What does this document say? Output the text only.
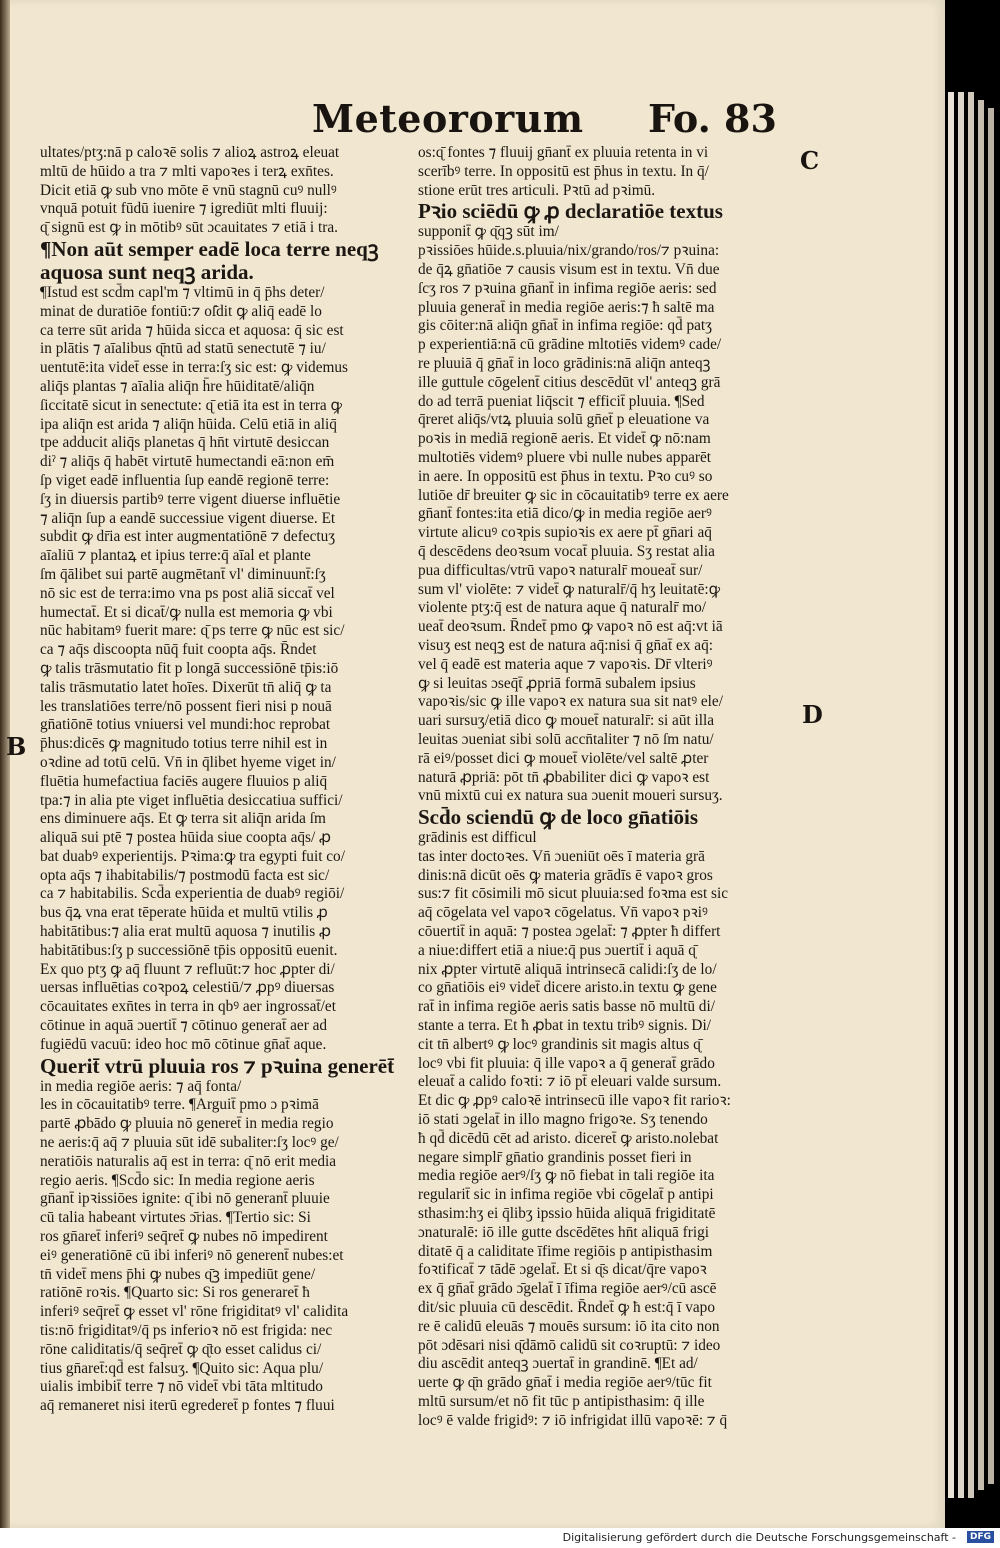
Meteororum Fo. 83
C
D
B

ultates/ptʒ:nā p caloꝛē solis ⁊ alioꝝ astroꝝ eleuat

mltū de hūido a tra ⁊ mlti vapoꝛes i terꝝ exn̄tes.

Dicit etiā ꝙ sub vno mōte ē vnū stagnū cuꝰ nullꝰ

vnquā potuit fūdū iuenire ⁊ igrediūt mlti fluuij:

ɋ̄ signū est ꝙ in mōtibꝰ sūt ɔcauitates ⁊ etiā i tra.

¶Non aūt semper eadē loca terre neqꝫ

aquosa sunt neqꝫ arida.

¶Istud est scd̄m capl'm ⁊ vltimū in q̄ p̄hs deter/

minat de duratiōe fontiū:⁊ oſ̄dit ꝙ aliq̄ eadē lo

ca terre sūt arida ⁊ hūida sicca et aquosa: q̄ sic est

in plātis ⁊ aīalibus ɋ̄ntū ad statū senectutē ⁊ iu/

uentutē:ita videt̄ esse in terra:ſʒ sic est: ꝙ videmus

aliq̄s plantas ⁊ aīalia aliq̄n h̄re hūiditatē/aliq̄n

ſiccitatē sicut in senectute: ɋ̄ etiā ita est in terra ꝙ

ipa aliq̄n est arida ⁊ aliq̄n hūida. Celū etiā in aliq̄

tpe adducit aliq̄s planetas q̄ hn̄t virtutē desiccan

diˀ ⁊ aliq̄s q̄ habēt virtutē humectandi eā:non em̄

ſp viget eadē influentia ſup eandē regionē terre:

ſʒ in diuersis partibꝰ terre vigent diuerse influētie

⁊ aliq̄n ſup a eandē successiue vigent diuerse. Et

subdit ꝙ dr̄ia est inter augmentatiōnē ⁊ defectuʒ

aīaliū ⁊ plantaꝝ et ipius terre:q̄ aīal et plante

ſm q̄ālibet sui partē augmētant̄ vl' diminuunt̄:ſʒ

nō sic est de terra:imo vna ps post aliā siccat̄ vel

humectat̄. Et si dicat̄/ꝙ nulla est memoria ꝙ vbi

nūc habitamꝰ fuerit mare: ɋ̄ ps terre ꝙ nūc est sic/

ca ⁊ aq̄s discoopta nūq̄ fuit coopta aq̄s. R̄ndet

ꝙ talis trāsmutatio fit p longā successiōnē tp̄is:iō

talis trāsmutatio latet hoīes. Dixerūt tn̄ aliq̄ ꝙ ta

les translatiōes terre/nō possent fieri nisi p nouā

gn̄atiōnē totius vniuersi vel mundi:hoc reprobat

p̄hus:dicēs ꝙ magnitudo totius terre nihil est in

oꝛdine ad totū celū. Vn̄ in q̄libet hyeme viget in/

fluētia humefactiua faciēs augere fluuios p aliq̄

tpa:⁊ in alia pte viget influētia desiccatiua suffici/

ens diminuere aq̄s. Et ꝙ terra sit aliq̄n arida ſm

aliquā sui ptē ⁊ postea hūida siue coopta aq̄s/ ꝓ

bat duabꝰ experientijs. Pꝛima:ꝙ tra egypti fuit co/

opta aq̄s ⁊ ihabitabilis/⁊ postmodū facta est sic/

ca ⁊ habitabilis. Scd̄a experientia de duabꝰ regiōi/

bus q̄ꝝ vna erat tēperate hūida et multū vtilis ꝓ

habitātibus:⁊ alia erat multū aquosa ⁊ inutilis ꝓ

habitātibus:ſʒ p successiōnē tp̄is oppositū euenit.

Ex quo ptʒ ꝙ aq̄ fluunt ⁊ refluūt:⁊ hoc ꝓpter di/

uersas influētias coꝛpoꝝ celestiū/⁊ ꝓpꝰ diuersas

cōcauitates exn̄tes in terra in qbꝰ aer ingrossat̄/et

cōtinue in aquā ɔuertit̄ ⁊ cōtinuo generat̄ aer ad

fugiēdū vacuū: ideo hoc mō cōtinue gn̄at̄ aque.

Querit̄ vtrū pluuia ros ⁊ pꝛuina generēt̄

in media regiōe aeris: ⁊ aq̄ fonta/

les in cōcauitatibꝰ terre. ¶Arguit̄ pmo ɔ pꝛimā

partē ꝓbādo ꝙ pluuia nō generet̄ in media regio

ne aeris:q̄ aq̄ ⁊ pluuia sūt idē subaliter:ſʒ locꝰ ge/

neratiōis naturalis aq̄ est in terra: ɋ̄ nō erit media

regio aeris. ¶Scd̄o sic: In media regione aeris

gn̄ant̄ ipꝛissiōes ignite: ɋ̄ ibi nō generant̄ pluuie

cū talia habeant virtutes ɔ̄rias. ¶Tertio sic: Si

ros gn̄aret̄ inferiꝰ seq̄ret̄ ꝙ nubes nō impedirent

eiꝰ generatiōnē cū ibi inferiꝰ nō generent̄ nubes:et

tn̄ videt̄ mens p̄hi ꝙ nubes ɋ̄ꝫ impediūt gene/

ratiōnē roꝛis. ¶Quarto sic: Si ros generaret̄ ħ

inferiꝰ seq̄ret̄ ꝙ esset vl' rōne frigiditatꝰ vl' calidita

tis:nō frigiditatꝰ/q̄ ps inferioꝛ nō est frigida: nec

rōne caliditatis/q̄ seq̄ret̄ ꝙ ɋ̄to esset calidus ci/

tius gn̄aret̄:qd̄ est falsuʒ. ¶Quito sic: Aqua plu/

uialis imbibit̄ terre ⁊ nō videt̄ vbi tāta mltitudo

aq̄ remaneret nisi iterū egrederet̄ p fontes ⁊ fluui

os:ɋ̄ fontes ⁊ fluuij gn̄ant̄ ex pluuia retenta in vi

scerībꝰ terre. In oppositū est p̄hus in textu. In q̄/

stione erūt tres articuli. Pꝛtū ad pꝛimū.

Pꝛio sciēdū ꝙ ꝓ declaratiōe textus

supponit̄ ꝙ ɋ̄qꝫ sūt im/

pꝛissiōes hūide.s.pluuia/nix/grando/ros/⁊ pꝛuina:

de q̄ꝝ gn̄atiōe ⁊ causis visum est in textu. Vn̄ due

ſcʒ ros ⁊ pꝛuina gn̄ant̄ in infima regiōe aeris: sed

pluuia generat̄ in media regiōe aeris:⁊ ħ saltē ma

gis cōiter:nā aliq̄n gn̄at̄ in infima regiōe: qd̄ patʒ

p experientiā:nā cū grādine mltotiēs videmꝰ cade/

re pluuiā q̄ gn̄at̄ in loco grādinis:nā aliq̄n anteqꝫ

ille guttule cōgelent̄ citius descēdūt vl' anteqꝫ grā

do ad terrā pueniat liq̄scit ⁊ efficit̄ pluuia. ¶Sed

q̄reret aliq̄s/vtꝝ pluuia solū gn̄et̄ p eleuatione va

poꝛis in mediā regionē aeris. Et videt̄ ꝙ nō:nam

multotiēs videmꝰ pluere vbi nulle nubes apparēt

in aere. In oppositū est p̄hus in textu. Pꝛo cuꝰ so

lutiōe dr̄ breuiter ꝙ sic in cōcauitatibꝰ terre ex aere

gn̄ant̄ fontes:ita etiā dico/ꝙ in media regiōe aerꝰ

virtute alicuꝰ coꝛpis supioꝛis ex aere pt̄ gn̄ari aq̄

q̄ descēdens deoꝛsum vocat̄ pluuia. Sʒ restat alia

pua difficultas/vtrū vapoꝛ naturalr̄ moueat̄ sur/

sum vl' violēte: ⁊ videt̄ ꝙ naturalr̄/q̄ hʒ leuitatē:ꝙ

violente ptʒ:q̄ est de natura aque q̄ naturalr̄ mo/

ueat̄ deoꝛsum. R̄ndet̄ pmo ꝙ vapoꝛ nō est aq̄:vt iā

visuʒ est neqꝫ est de natura aq̄:nisi q̄ gn̄at̄ ex aq̄:

vel q̄ eadē est materia aque ⁊ vapoꝛis. Dr̄ vlteriꝰ

ꝙ si leuitas ɔseq̄t̄ ꝓpriā formā subalem ipsius

vapoꝛis/sic ꝙ ille vapoꝛ ex natura sua sit natꝰ ele/

uari sursuʒ/etiā dico ꝙ mouet̄ naturalr̄: si aūt illa

leuitas ɔueniat sibi solū accn̄taliter ⁊ nō ſm natu/

rā eiꝰ/posset dici ꝙ mouet̄ violēte/vel saltē ꝓter

naturā ꝓpriā: pōt tn̄ ꝓbabiliter dici ꝙ vapoꝛ est

vnū mixtū cui ex natura sua ɔuenit moueri sursuʒ.

Scd̄o sciendū ꝙ de loco gn̄atiōis

grādinis est difficul

tas inter doctoꝛes. Vn̄ ɔueniūt oēs ī materia grā

dinis:nā dicūt oēs ꝙ materia grādīs ē vapoꝛ gros

sus:⁊ fit cōsimili mō sicut pluuia:sed foꝛma est sic

aq̄ cōgelata vel vapoꝛ cōgelatus. Vn̄ vapoꝛ pꝛiꝰ

cōuertit̄ in aquā: ⁊ postea ɔgelat̄: ⁊ ꝓpter ħ differt

a niue:differt etiā a niue:q̄ pus ɔuertit̄ i aquā ɋ̄

nix ꝓpter virtutē aliquā intrinsecā calidi:ſʒ de lo/

co gn̄atiōis eiꝰ videt̄ dicere aristo.in textu ꝙ gene

rat̄ in infima regiōe aeris satis basse nō multū di/

stante a terra. Et ħ ꝓbat in textu tribꝰ signis. Di/

cit tn̄ albertꝰ ꝙ locꝰ grandinis sit magis altus ɋ̄

locꝰ vbi fit pluuia: q̄ ille vapoꝛ a q̄ generat̄ grādo

eleuat̄ a calido foꝛti: ⁊ iō pt̄ eleuari valde sursum.

Et dic ꝙ ꝓpꝰ caloꝛē intrinsecū ille vapoꝛ fit rarioꝛ:

iō stati ɔgelat̄ in illo magno frigoꝛe. Sʒ tenendo

ħ qd̄ dicēdū cēt ad aristo. diceret̄ ꝙ aristo.nolebat

negare simplr̄ gn̄atio grandinis posset fieri in

media regiōe aerꝰ/ſʒ ꝙ nō fiebat in tali regiōe ita

regularit̄ sic in infima regiōe vbi cōgelat̄ p antipi

sthasim:hʒ ei q̄libʒ ipssio hūida aliquā frigiditatē

ɔnaturalē: iō ille gutte dscēdētes hn̄t aliquā frigi

ditatē q̄ a caliditate īfime regiōis p antipisthasim

foꝛtificat̄ ⁊ tādē ɔgelat̄. Et si ɋ̄s dicat/q̄re vapoꝛ

ex q̄ gn̄at̄ grādo ɔ̄gelat̄ ī īfima regiōe aerꝰ/cū ascē

dit/sic pluuia cū descēdit. R̄ndet̄ ꝙ ħ est:q̄ ī vapo

re ē calidū eleuās ⁊ mouēs sursum: iō ita cito non

pōt ɔdēsari nisi ɋ̄dāmō calidū sit coꝛruptū: ⁊ ideo

diu ascēdit anteqꝫ ɔuertat̄ in grandinē. ¶Et ad/

uerte ꝙ ɋ̄n grādo gn̄at̄ i media regiōe aerꝰ/tūc fit

mltū sursum/et nō fit tūc p antipisthasim: q̄ ille

locꝰ ē valde frigidꝰ: ⁊ iō infrigidat illū vapoꝛē: ⁊ q̄

Digitalisierung gefördert durch die Deutsche Forschungsgemeinschaft -	DFG
